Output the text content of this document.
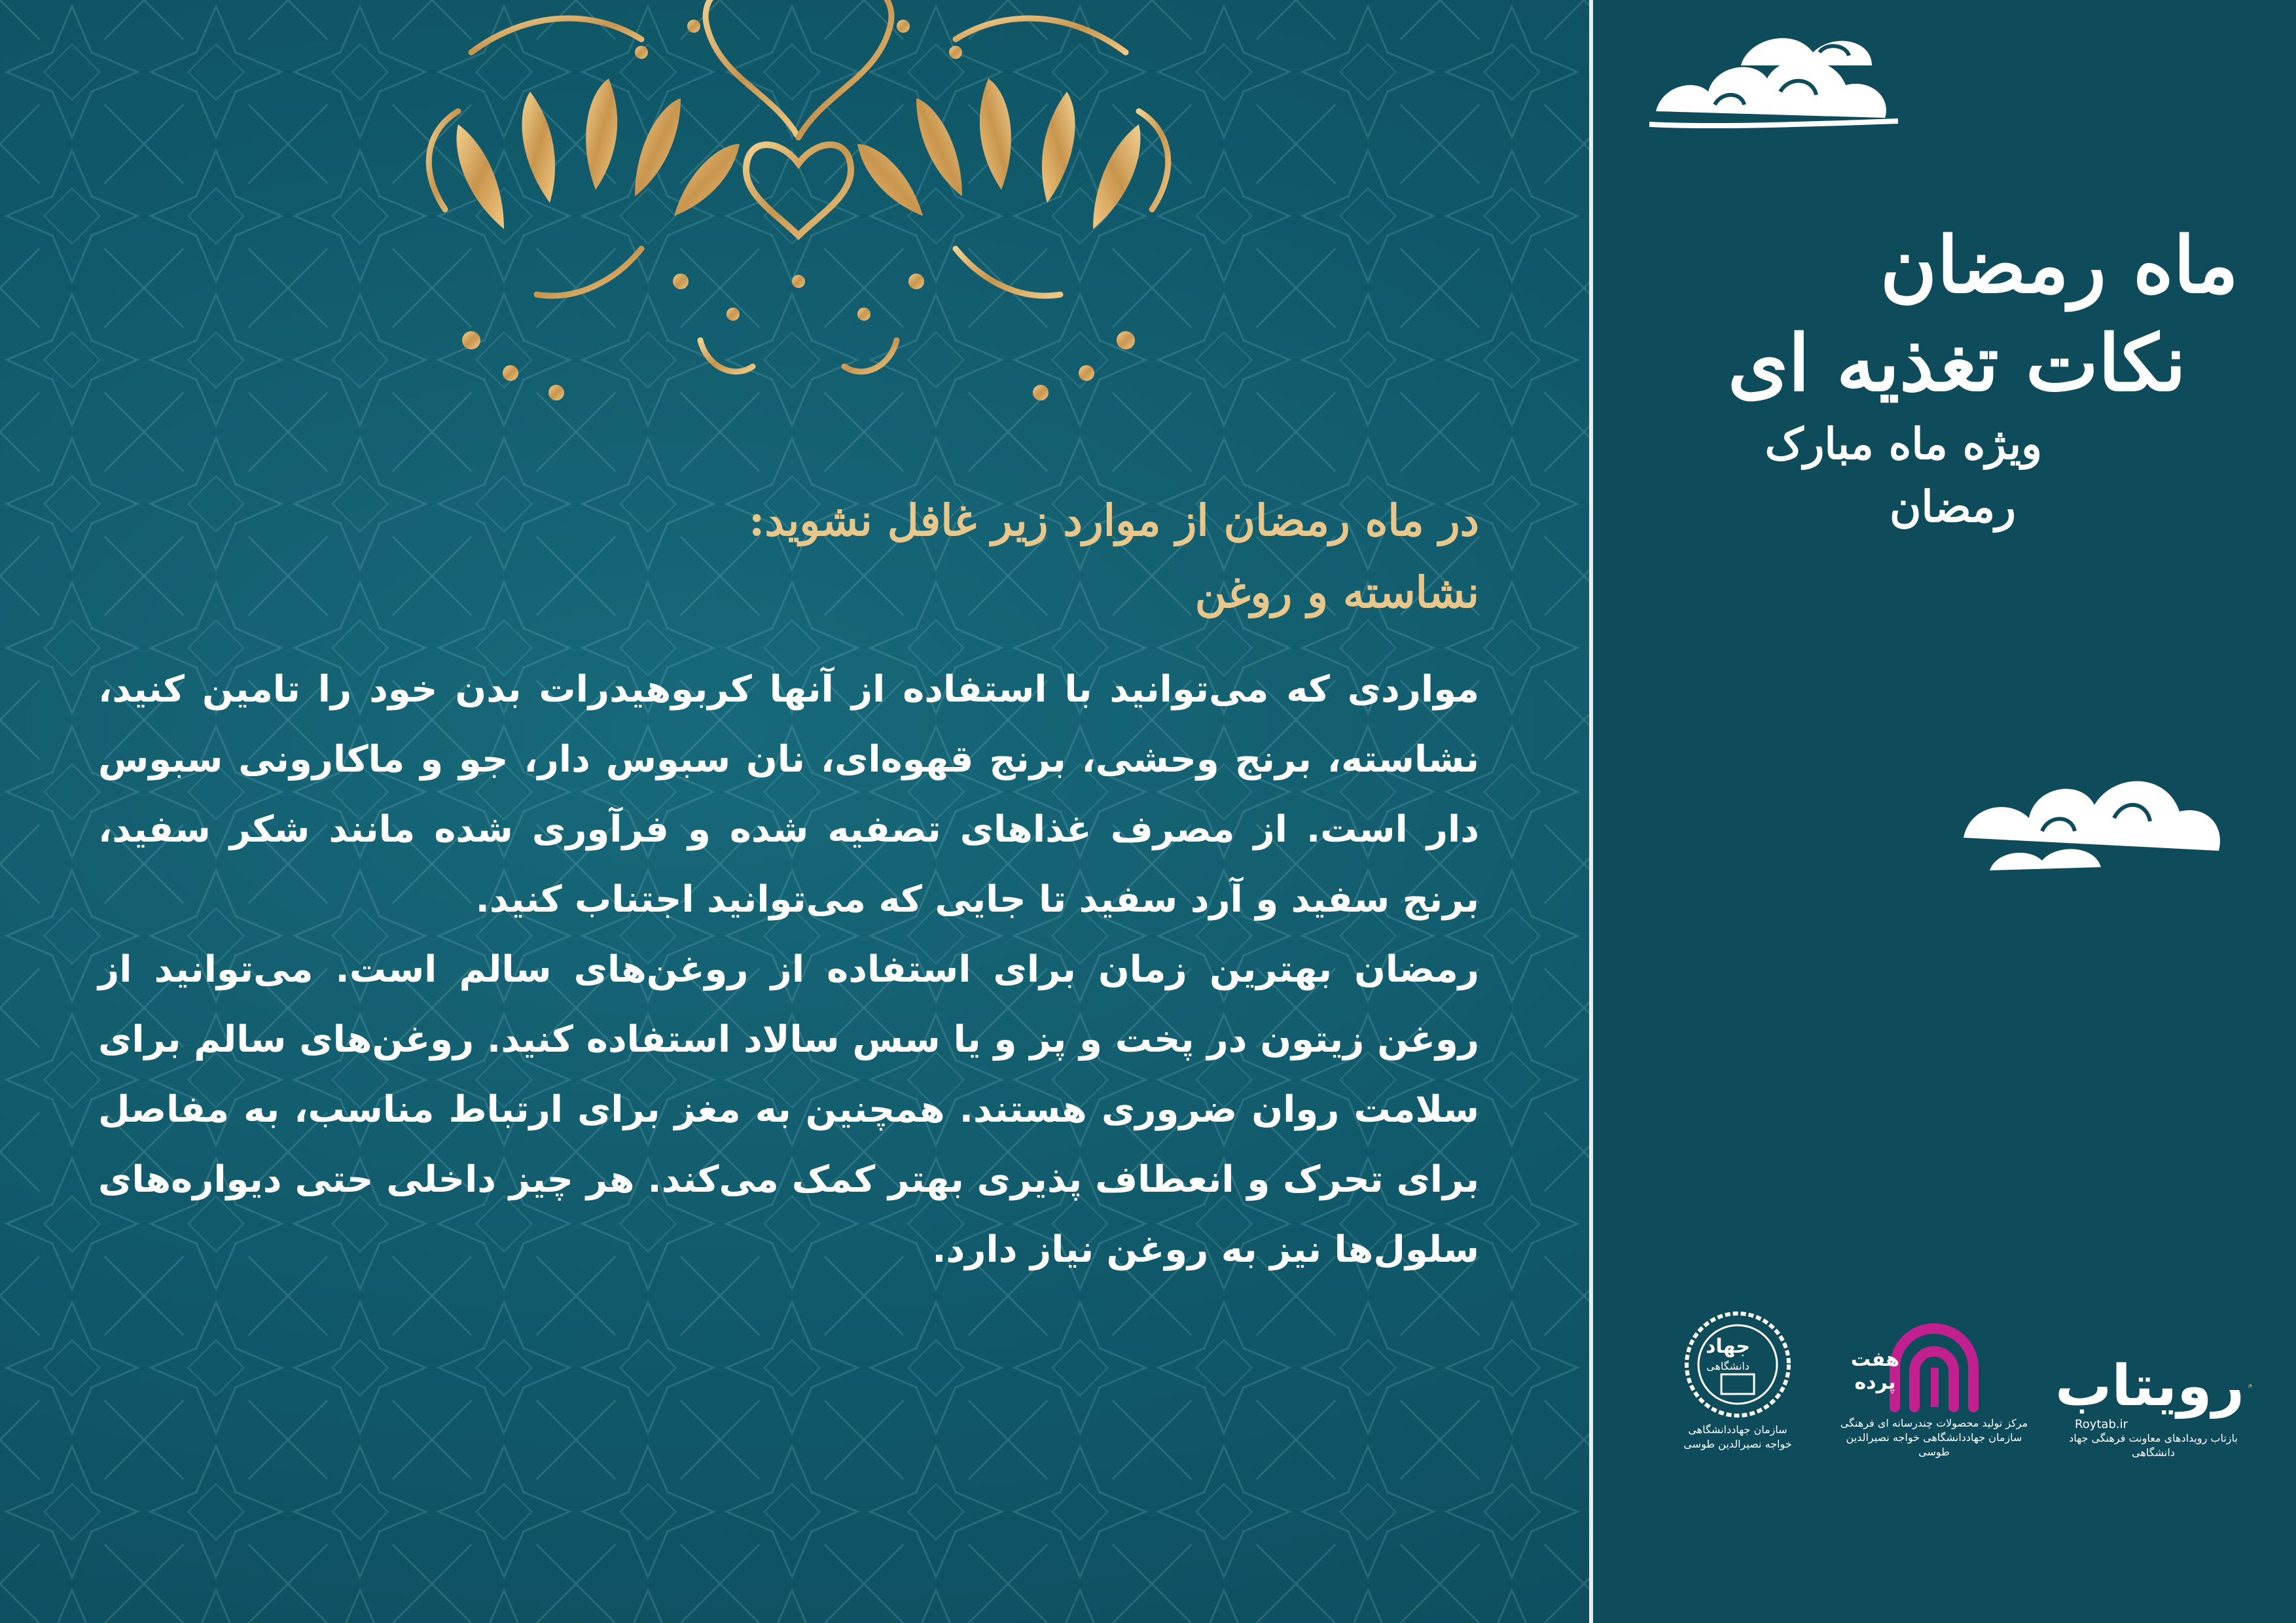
در ماه رمضان از موارد زیر غافل نشوید:
نشاسته و روغن

مواردی که می‌توانید با استفاده از آنها کربوهیدرات بدن خود را تامین کنید، نشاسته، برنج وحشی، برنج قهوه‌ای، نان سبوس دار، جو و ماکارونی سبوس دار است. از مصرف غذاهای تصفیه شده و فرآوری شده مانند شکر سفید، برنج سفید و آرد سفید تا جایی که می‌توانید اجتناب کنید.

رمضان بهترین زمان برای استفاده از روغن‌های سالم است. می‌توانید از روغن زیتون در پخت و پز و یا سس سالاد استفاده کنید. روغن‌های سالم برای سلامت روان ضروری هستند. همچنین به مغز برای ارتباط مناسب، به مفاصل برای تحرک و انعطاف پذیری بهتر کمک می‌کند. هر چیز داخلی حتی دیواره‌های سلول‌ها نیز به روغن نیاز دارد.

ماه رمضان
نکات تغذیه ای
ویژه ماه مبارک
رمضان
جهاد
دانشگاهی
سازمان جهاددانشگاهی
خواجه نصیرالدین طوسی
هفت پرده
مرکز تولید محصولات چندرسانه ای فرهنگی
سازمان جهاددانشگاهی خواجه نصیرالدین طوسی
رویتاب
Roytab.ir
بازتاب رویدادهای معاونت فرهنگی جهاد دانشگاهی
